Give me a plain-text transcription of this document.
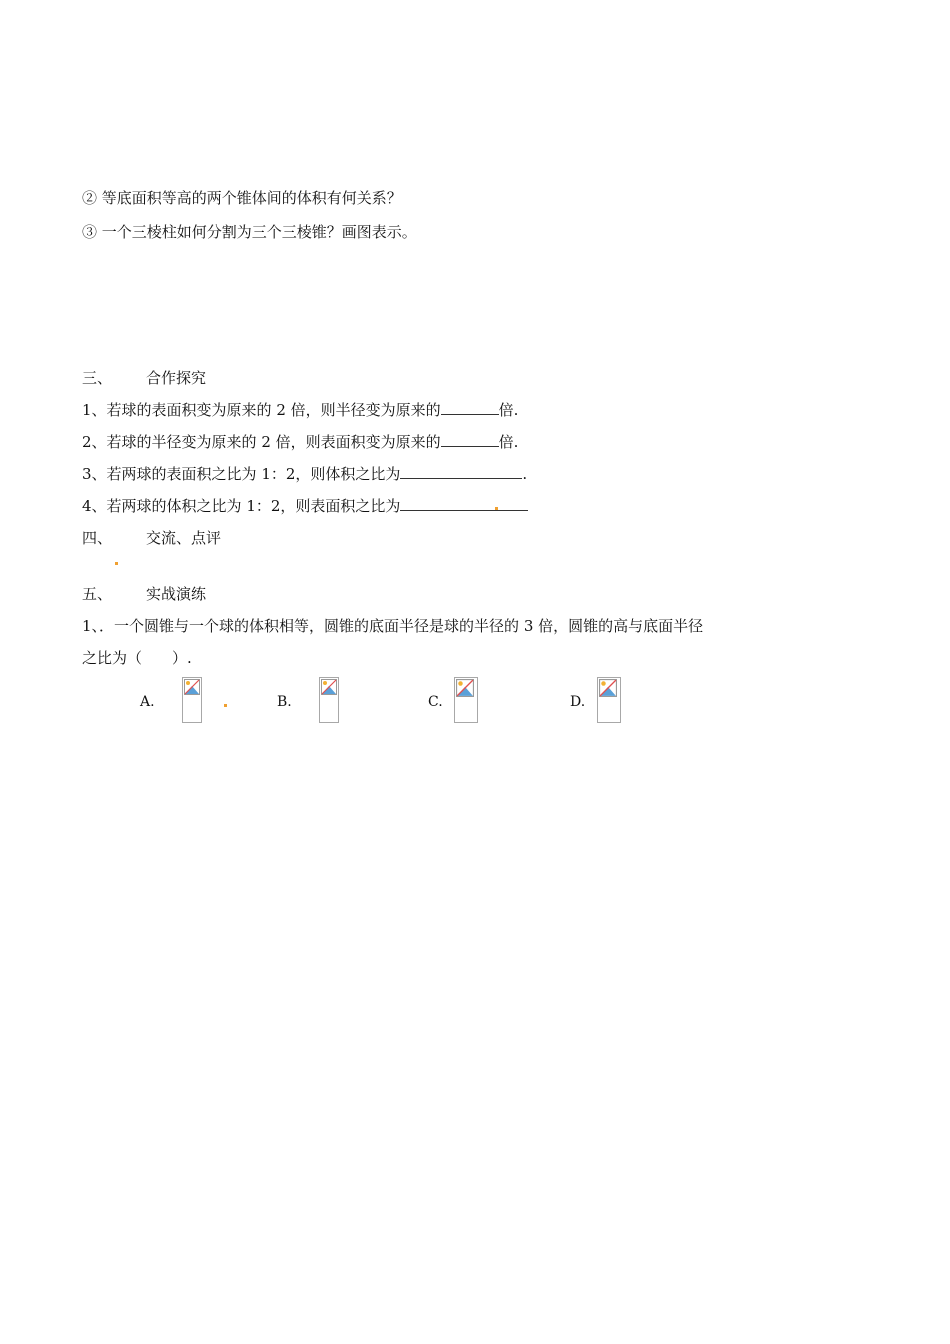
② 等底面积等高的两个锥体间的体积有何关系？
③ 一个三棱柱如何分割为三个三棱锥？画图表示。
三、 合作探究
1、若球的表面积变为原来的 2 倍，则半径变为原来的	倍.
2、若球的半径变为原来的 2 倍，则表面积变为原来的	倍.
3、若两球的表面积之比为 1：2，则体积之比为	.
4、若两球的体积之比为 1：2，则表面积之比为
四、 交流、点评
五、 实战演练
1、．一个圆锥与一个球的体积相等，圆锥的底面半径是球的半径的 3 倍，圆锥的高与底面半径
之比为（　　）.
A.	B.	C.	D.
